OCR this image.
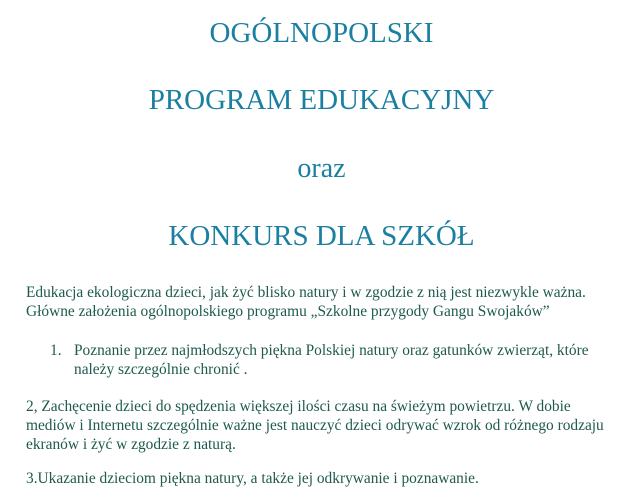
OGÓLNOPOLSKI
PROGRAM EDUKACYJNY
oraz
KONKURS DLA SZKÓŁ
Edukacja ekologiczna dzieci, jak żyć blisko natury i w zgodzie z nią jest niezwykle ważna.
Główne założenia ogólnopolskiego programu „Szkolne przygody Gangu Swojaków”
1. Poznanie przez najmłodszych piękna Polskiej natury oraz gatunków zwierząt, które
należy szczególnie chronić .
2, Zachęcenie dzieci do spędzenia większej ilości czasu na świeżym powietrzu. W dobie
mediów i Internetu szczególnie ważne jest nauczyć dzieci odrywać wzrok od różnego rodzaju
ekranów i żyć w zgodzie z naturą.
3.Ukazanie dzieciom piękna natury, a także jej odkrywanie i poznawanie.
